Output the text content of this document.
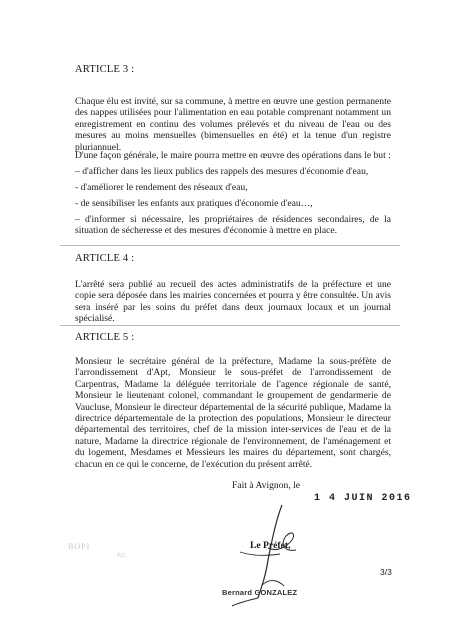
ARTICLE 3 :

Chaque élu est invité, sur sa commune, à mettre en œuvre une gestion permanente des nappes utilisées pour l'alimentation en eau potable comprenant notamment un enregistrement en continu des volumes prélevés et du niveau de l'eau ou des mesures au moins mensuelles (bimensuelles en été) et la tenue d'un registre pluriannuel.

D'une façon générale, le maire pourra mettre en œuvre des opérations dans le but :

– d'afficher dans les lieux publics des rappels des mesures d'économie d'eau,

- d'améliorer le rendement des réseaux d'eau,

- de sensibiliser les enfants aux pratiques d'économie d'eau…,

– d'informer si nécessaire, les propriétaires de résidences secondaires, de la situation de sécheresse et des mesures d'économie à mettre en place.

ARTICLE 4 :

L'arrêté sera publié au recueil des actes administratifs de la préfecture et une copie sera déposée dans les mairies concernées et pourra y être consultée. Un avis sera inséré par les soins du préfet dans deux journaux locaux et un journal spécialisé.

ARTICLE 5 :

Monsieur le secrétaire général de la préfecture, Madame la sous-préfète de l'arrondissement d'Apt, Monsieur le sous-préfet de l'arrondissement de Carpentras, Madame la déléguée territoriale de l'agence régionale de santé, Monsieur le lieutenant colonel, commandant le groupement de gendarmerie de Vaucluse, Monsieur le directeur départemental de la sécurité publique, Madame la directrice départementale de la protection des populations, Monsieur le directeur départemental des territoires, chef de la mission inter-services de l'eau et de la nature, Madame la directrice régionale de l'environnement, de l'aménagement et du logement, Mesdames et Messieurs les maires du département, sont chargés, chacun en ce qui le concerne, de l'exécution du présent arrêté.

Fait à Avignon, le
1 4 JUIN 2016
BOPI
P.U.
Le Préfet,
3/3
Bernard GONZALEZ
